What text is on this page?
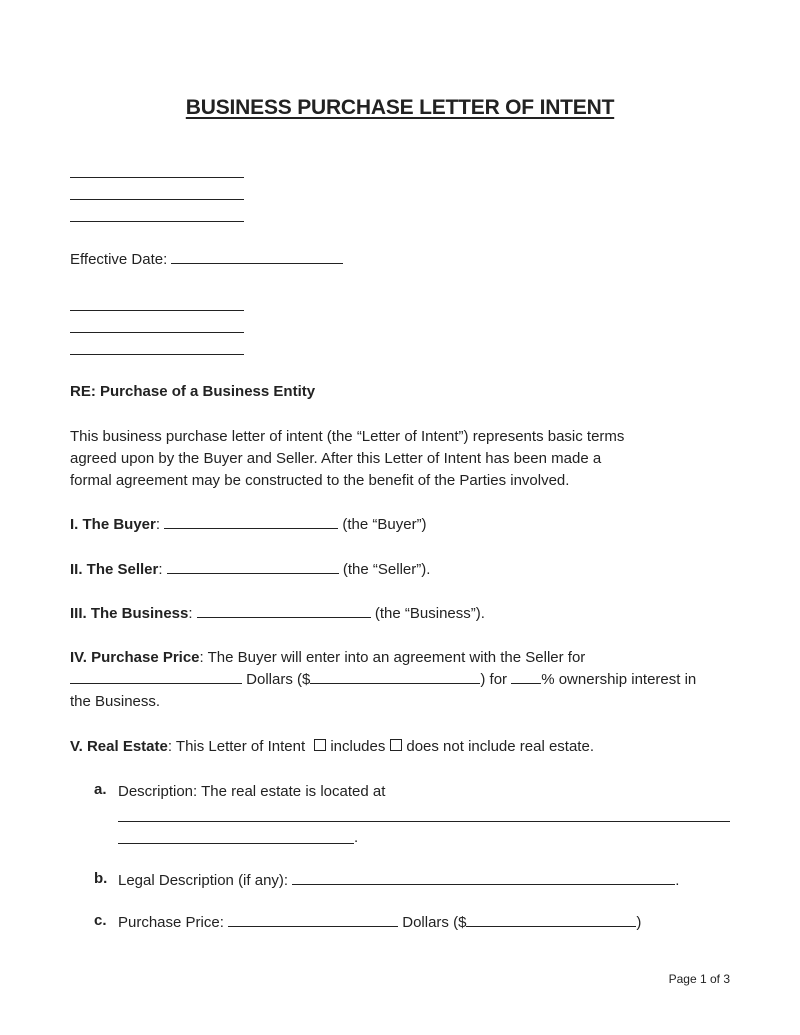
BUSINESS PURCHASE LETTER OF INTENT
Effective Date:
RE: Purchase of a Business Entity
This business purchase letter of intent (the “Letter of Intent”) represents basic terms
agreed upon by the Buyer and Seller. After this Letter of Intent has been made a
formal agreement may be constructed to the benefit of the Parties involved.
I. The Buyer:	(the “Buyer”)
II. The Seller:	(the “Seller”).
III. The Business:	(the “Business”).
IV. Purchase Price: The Buyer will enter into an agreement with the Seller for
Dollars ($	) for % ownership interest in
the Business.
V. Real Estate: This Letter of Intent includes does not include real estate.
a. Description: The real estate is located at
.
b. Legal Description (if any):	.
c. Purchase Price:	Dollars ($	)
Page 1 of 3
